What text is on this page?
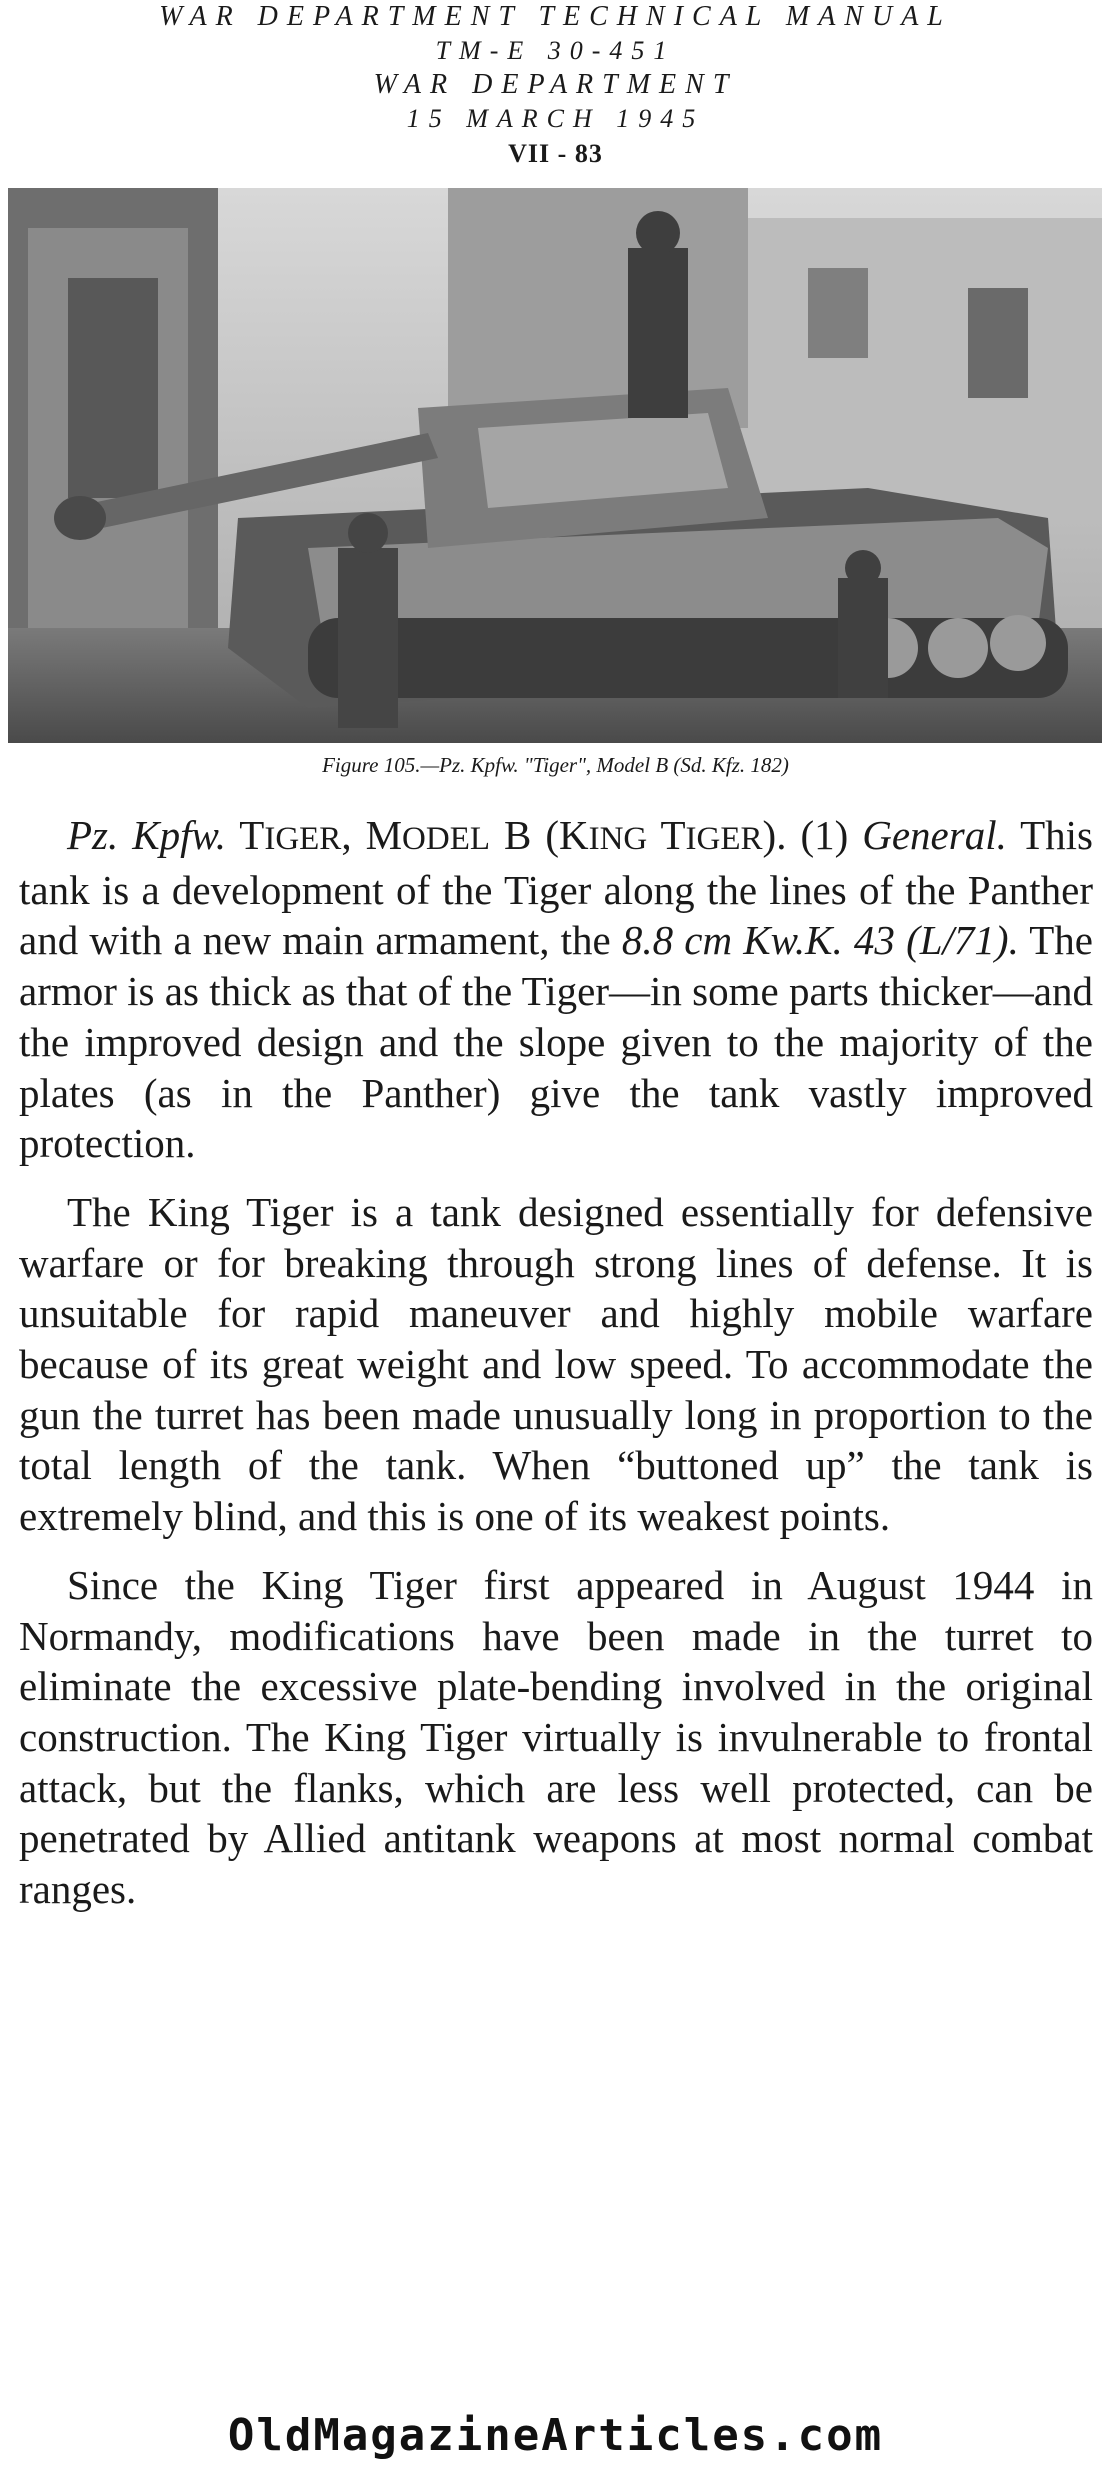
WAR DEPARTMENT TECHNICAL MANUAL
TM-E 30-451
WAR DEPARTMENT
15 MARCH 1945
VII - 83
Figure 105.—Pz. Kpfw. "Tiger", Model B (Sd. Kfz. 182)

Pz. Kpfw. TIGER, MODEL B (KING TIGER). (1) General. This tank is a development of the Tiger along the lines of the Panther and with a new main armament, the 8.8 cm Kw.K. 43 (L/71). The armor is as thick as that of the Tiger—in some parts thicker—and the improved design and the slope given to the majority of the plates (as in the Panther) give the tank vastly improved protection.

The King Tiger is a tank designed essentially for defensive warfare or for breaking through strong lines of defense. It is unsuitable for rapid maneuver and highly mobile warfare because of its great weight and low speed. To accommodate the gun the turret has been made unusually long in proportion to the total length of the tank. When “buttoned up” the tank is extremely blind, and this is one of its weakest points.

Since the King Tiger first appeared in August 1944 in Normandy, modifications have been made in the turret to eliminate the excessive plate-bending involved in the original construction. The King Tiger virtually is invulnerable to frontal attack, but the flanks, which are less well protected, can be penetrated by Allied antitank weapons at most normal combat ranges.

OldMagazineArticles.com
